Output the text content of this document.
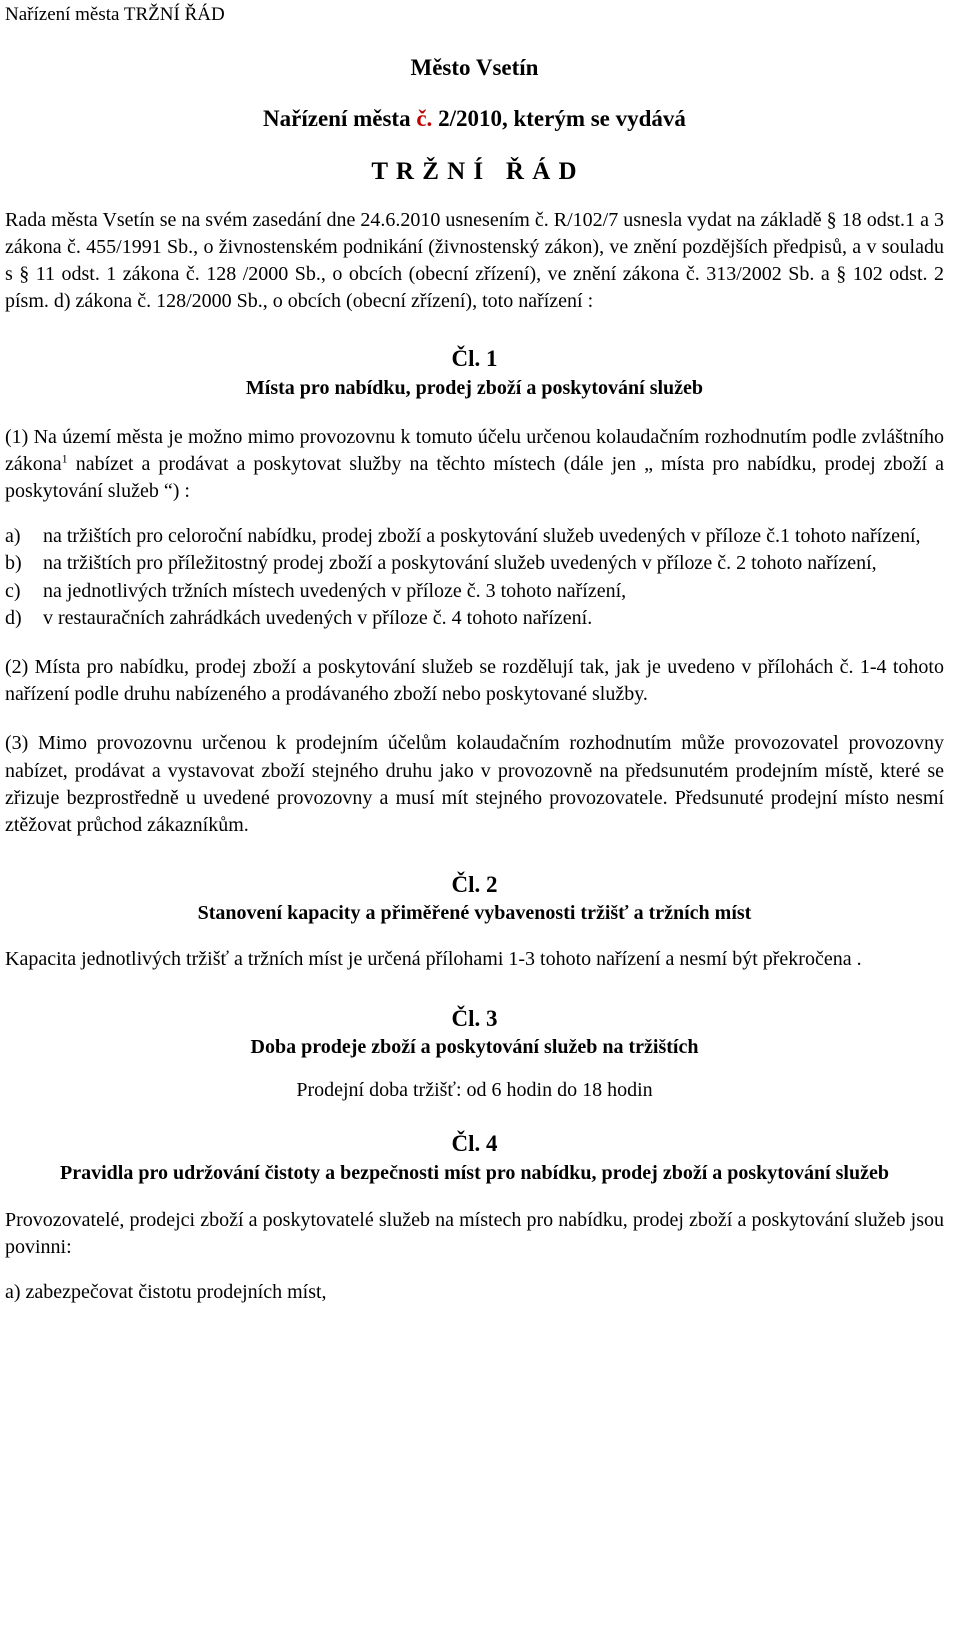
Nařízení města TRŽNÍ ŘÁD
Město Vsetín
Nařízení města č. 2/2010, kterým se vydává
T R Ž N Í   Ř Á D

Rada města Vsetín se na svém zasedání dne 24.6.2010 usnesením č. R/102/7 usnesla vydat na základě § 18 odst.1 a 3 zákona č. 455/1991 Sb., o živnostenském podnikání (živnostenský zákon), ve znění pozdějších předpisů, a v souladu s § 11 odst. 1 zákona č. 128 /2000 Sb., o obcích (obecní zřízení), ve znění zákona č. 313/2002 Sb. a § 102 odst. 2 písm. d) zákona č. 128/2000 Sb., o obcích (obecní zřízení), toto nařízení :

Čl. 1
Místa pro nabídku, prodej zboží a poskytování služeb

(1) Na území města je možno mimo provozovnu k tomuto účelu určenou kolaudačním rozhodnutím podle zvláštního zákona$^1$ nabízet a prodávat a poskytovat služby na těchto místech (dále jen „ místa pro nabídku, prodej zboží a poskytování služeb “) :

a)	na tržištích pro celoroční nabídku, prodej zboží a poskytování služeb uvedených v příloze č.1 tohoto nařízení,
b)	na tržištích pro příležitostný prodej zboží a poskytování služeb uvedených v příloze č. 2 tohoto nařízení,
c)	na jednotlivých tržních místech uvedených v příloze č. 3 tohoto nařízení,
d)	v restauračních zahrádkách uvedených v příloze č. 4 tohoto nařízení.

(2) Místa pro nabídku, prodej zboží a poskytování služeb se rozdělují tak, jak je uvedeno v přílohách č. 1-4 tohoto nařízení podle druhu nabízeného a prodávaného zboží nebo poskytované služby.

(3) Mimo provozovnu určenou k prodejním účelům kolaudačním rozhodnutím může provozovatel provozovny nabízet, prodávat a vystavovat zboží stejného druhu jako v provozovně na předsunutém prodejním místě, které se zřizuje bezprostředně u uvedené provozovny a musí mít stejného provozovatele. Předsunuté prodejní místo nesmí ztěžovat průchod zákazníkům.

Čl. 2
Stanovení kapacity a přiměřené vybavenosti tržišť a tržních míst

Kapacita jednotlivých tržišť a tržních míst je určená přílohami 1-3 tohoto nařízení a nesmí být překročena .

Čl. 3
Doba prodeje zboží a poskytování služeb na tržištích

Prodejní doba tržišť: od 6 hodin do 18 hodin

Čl. 4
Pravidla pro udržování čistoty a bezpečnosti míst pro nabídku, prodej zboží a poskytování služeb

Provozovatelé, prodejci zboží a poskytovatelé služeb na místech pro nabídku, prodej zboží a poskytování služeb jsou povinni:

a) zabezpečovat čistotu prodejních míst,
